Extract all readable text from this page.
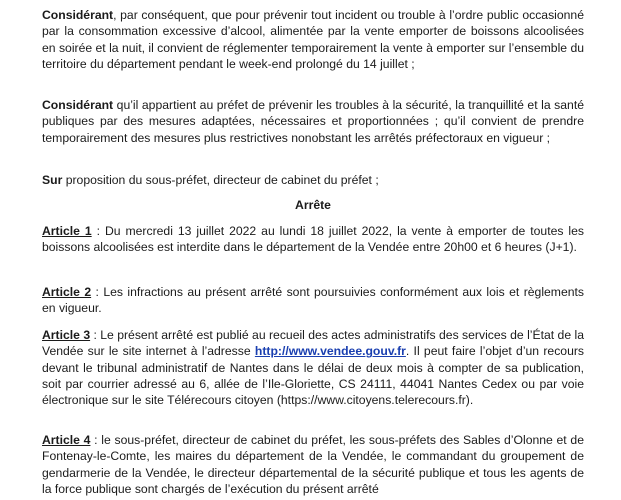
Considérant, par conséquent, que pour prévenir tout incident ou trouble à l’ordre public occasionné par la consommation excessive d’alcool, alimentée par la vente emporter de boissons alcoolisées en soirée et la nuit, il convient de réglementer temporairement la vente à emporter sur l’ensemble du territoire du département pendant le week-end prolongé du 14 juillet ;

Considérant qu’il appartient au préfet de prévenir les troubles à la sécurité, la tranquillité et la santé publiques par des mesures adaptées, nécessaires et proportionnées ; qu’il convient de prendre temporairement des mesures plus restrictives nonobstant les arrêtés préfectoraux en vigueur ;

Sur proposition du sous-préfet, directeur de cabinet du préfet ;

Arrête

Article 1 : Du mercredi 13 juillet 2022 au lundi 18 juillet 2022, la vente à emporter de toutes les boissons alcoolisées est interdite dans le département de la Vendée entre 20h00 et 6 heures (J+1).

Article 2 : Les infractions au présent arrêté sont poursuivies conformément aux lois et règlements en vigueur.

Article 3 : Le présent arrêté est publié au recueil des actes administratifs des services de l’État de la Vendée sur le site internet à l’adresse http://www.vendee.gouv.fr. Il peut faire l’objet d’un recours devant le tribunal administratif de Nantes dans le délai de deux mois à compter de sa publication, soit par courrier adressé au 6, allée de l’Ile-Gloriette, CS 24111, 44041 Nantes Cedex ou par voie électronique sur le site Télérecours citoyen (https://www.citoyens.telerecours.fr).

Article 4 : le sous-préfet, directeur de cabinet du préfet, les sous-préfets des Sables d’Olonne et de Fontenay-le-Comte, les maires du département de la Vendée, le commandant du groupement de gendarmerie de la Vendée, le directeur départemental de la sécurité publique et tous les agents de la force publique sont chargés de l’exécution du présent arrêté
